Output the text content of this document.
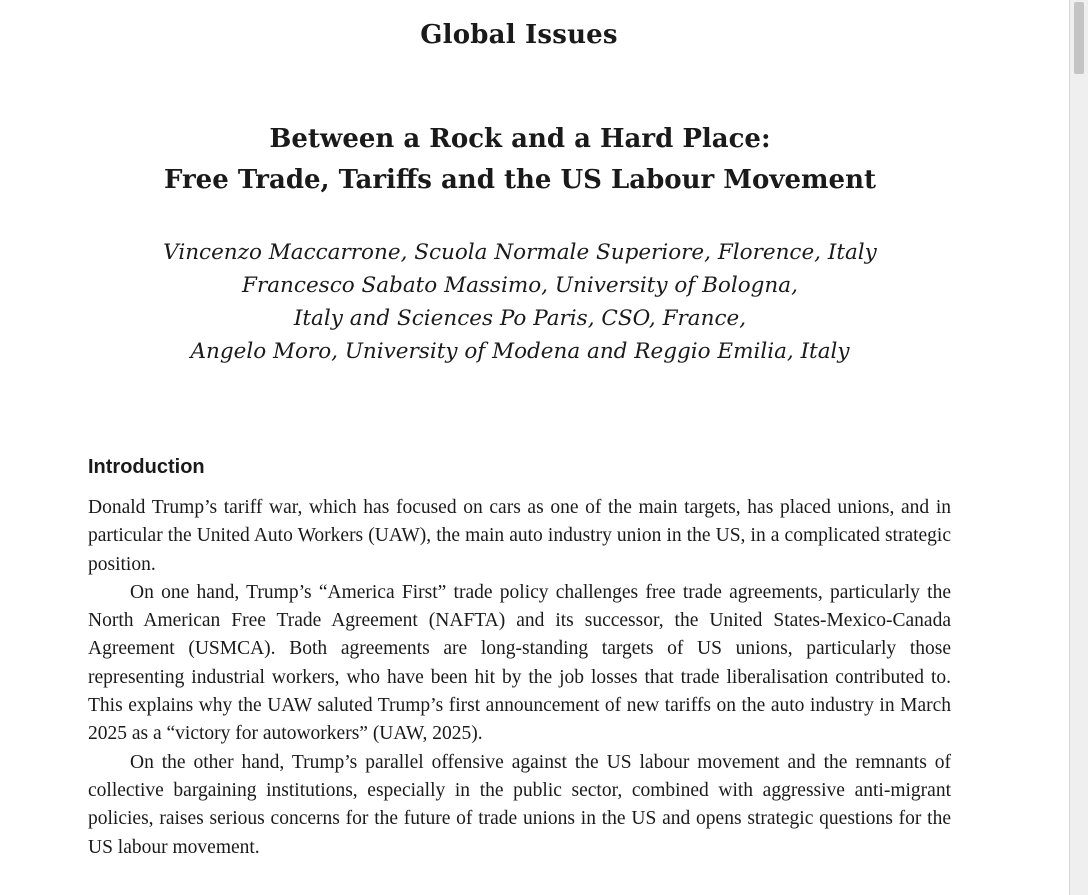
Global Issues
Between a Rock and a Hard Place:
Free Trade, Tariffs and the US Labour Movement
Vincenzo Maccarrone, Scuola Normale Superiore, Florence, Italy
Francesco Sabato Massimo, University of Bologna,
Italy and Sciences Po Paris, CSO, France,
Angelo Moro, University of Modena and Reggio Emilia, Italy
Introduction

Donald Trump’s tariff war, which has focused on cars as one of the main targets, has placed unions, and in particular the United Auto Workers (UAW), the main auto industry union in the US, in a complicated strategic position.

On one hand, Trump’s “America First” trade policy challenges free trade agreements, particularly the North American Free Trade Agreement (NAFTA) and its successor, the United States-Mexico-Canada Agreement (USMCA). Both agreements are long-standing targets of US unions, particularly those representing industrial workers, who have been hit by the job losses that trade liberalisation contributed to. This explains why the UAW saluted Trump’s first announcement of new tariffs on the auto industry in March 2025 as a “victory for autoworkers” (UAW, 2025).

On the other hand, Trump’s parallel offensive against the US labour movement and the remnants of collective bargaining institutions, especially in the public sector, combined with aggressive anti-migrant policies, raises serious concerns for the future of trade unions in the US and opens strategic questions for the US labour movement.
